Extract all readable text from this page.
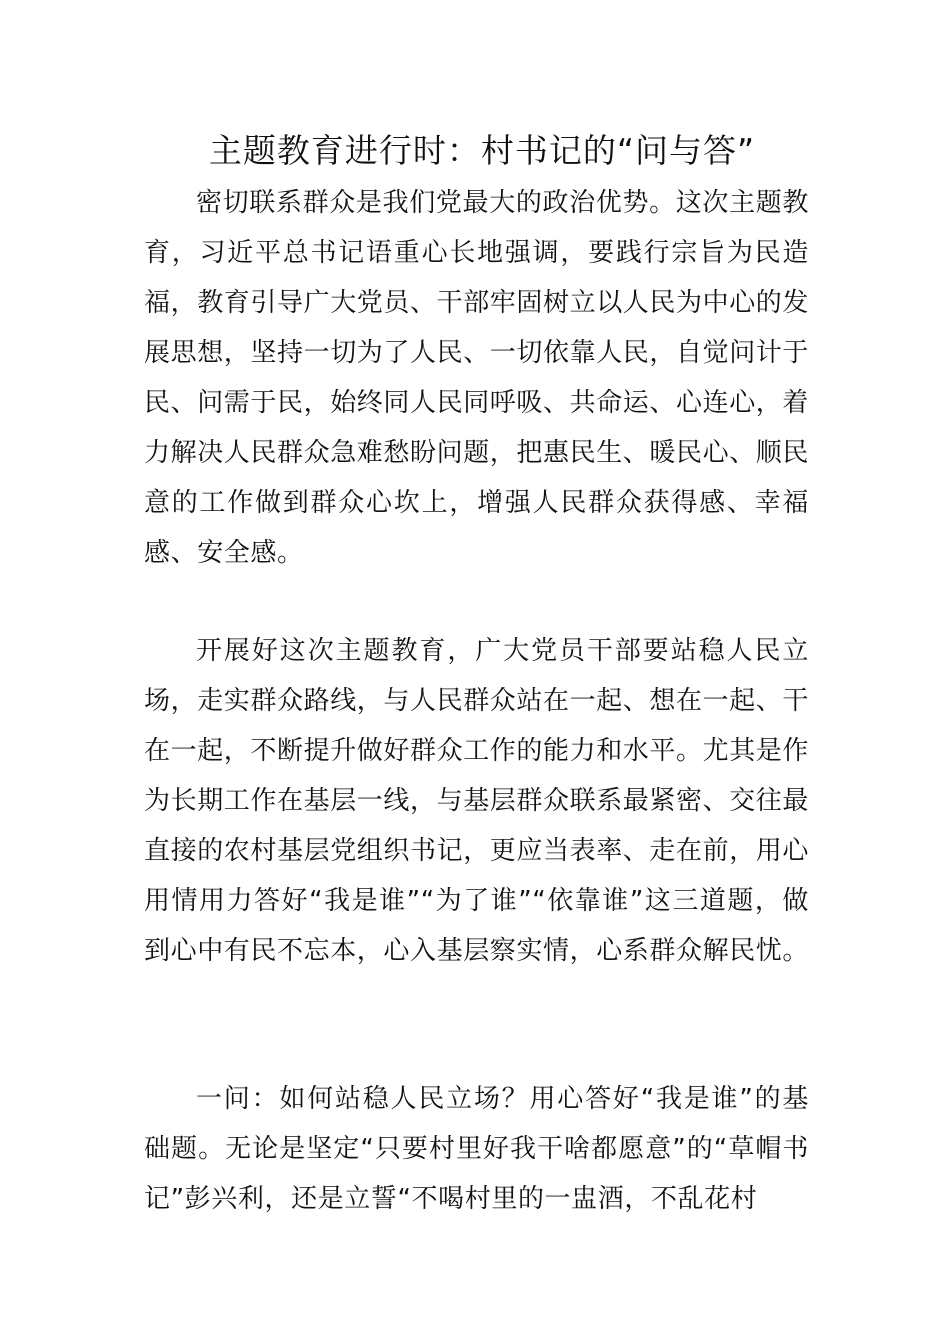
主题教育进行时：村书记的“问与答”

密切联系群众是我们党最大的政治优势。这次主题教育，习近平总书记语重心长地强调，要践行宗旨为民造福，教育引导广大党员、干部牢固树立以人民为中心的发展思想，坚持一切为了人民、一切依靠人民，自觉问计于民、问需于民，始终同人民同呼吸、共命运、心连心，着力解决人民群众急难愁盼问题，把惠民生、暖民心、顺民意的工作做到群众心坎上，增强人民群众获得感、幸福感、安全感。

开展好这次主题教育，广大党员干部要站稳人民立场，走实群众路线，与人民群众站在一起、想在一起、干在一起，不断提升做好群众工作的能力和水平。尤其是作为长期工作在基层一线，与基层群众联系最紧密、交往最直接的农村基层党组织书记，更应当表率、走在前，用心用情用力答好“我是谁”“为了谁”“依靠谁”这三道题，做到心中有民不忘本，心入基层察实情，心系群众解民忧。

一问：如何站稳人民立场？用心答好“我是谁”的基础题。无论是坚定“只要村里好我干啥都愿意”的“草帽书记”彭兴利，还是立誓“不喝村里的一盅酒，不乱花村
